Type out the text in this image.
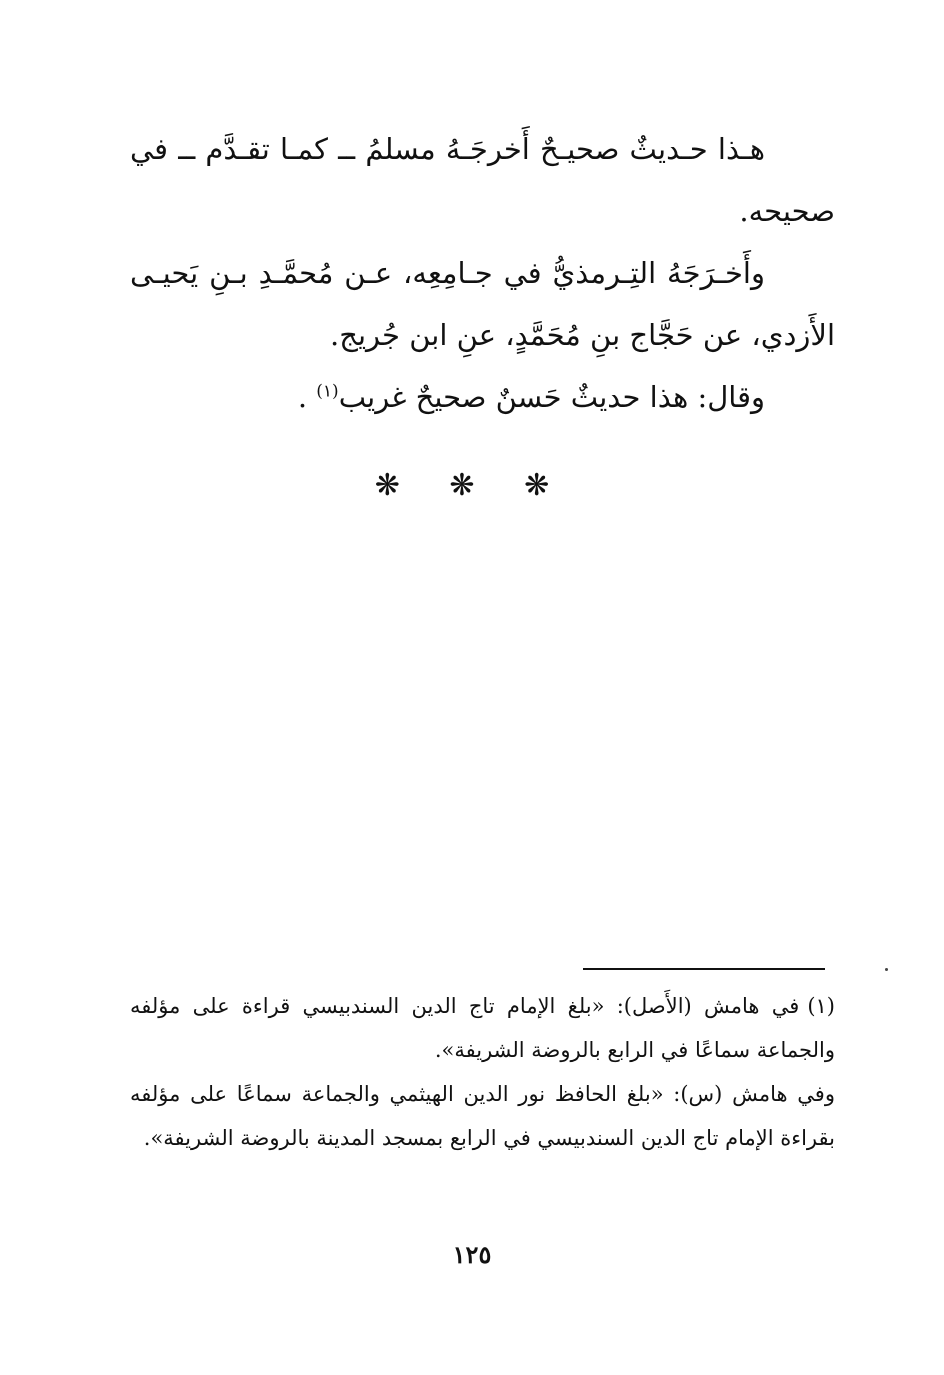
هـذا حـديثٌ صحيـحٌ أَخرجَـهُ مسلمُ ــ كمـا تقـدَّم ــ في صحيحه.

وأَخـرَجَهُ التِـرمذيُّ في جـامِعِه، عـن مُحمَّـدِ بـنِ يَحيـى الأَزدي، عن حَجَّاج بنِ مُحَمَّدٍ، عنِ ابن جُريج.

وقال: هذا حديثٌ حَسنٌ صحيحٌ غريب$^{(١)}$ .

❋ ❋ ❋

(١)في هامش (الأَصل): «بلغ الإمام تاج الدين السندبيسي قراءة على مؤلفه والجماعة سماعًا في الرابع بالروضة الشريفة».

وفي هامش (س): «بلغ الحافظ نور الدين الهيثمي والجماعة سماعًا على مؤلفه بقراءة الإمام تاج الدين السندبيسي في الرابع بمسجد المدينة بالروضة الشريفة».

١٢٥
